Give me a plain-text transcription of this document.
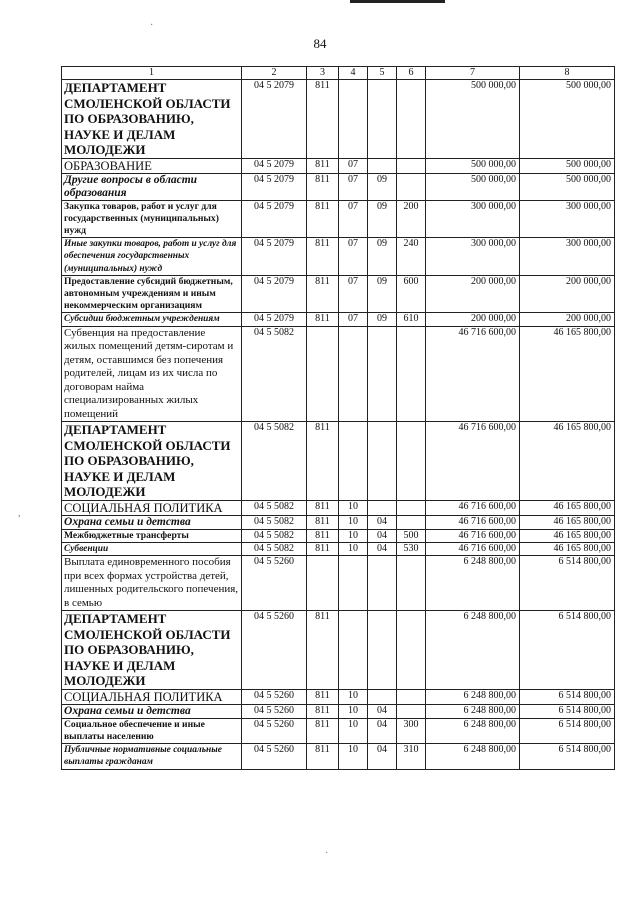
84
·
,
·
1	2	3	4	5	6	7	8
ДЕПАРТАМЕНТ СМОЛЕНСКОЙ ОБЛАСТИ ПО ОБРАЗОВАНИЮ, НАУКЕ И ДЕЛАМ МОЛОДЕЖИ	04 5 2079	811				500 000,00	500 000,00
ОБРАЗОВАНИЕ	04 5 2079	811	07			500 000,00	500 000,00
Другие вопросы в области образования	04 5 2079	811	07	09		500 000,00	500 000,00
Закупка товаров, работ и услуг для государственных (муниципальных) нужд	04 5 2079	811	07	09	200	300 000,00	300 000,00
Иные закупки товаров, работ и услуг для обеспечения государственных (муниципальных) нужд	04 5 2079	811	07	09	240	300 000,00	300 000,00
Предоставление субсидий бюджетным, автономным учреждениям и иным некоммерческим организациям	04 5 2079	811	07	09	600	200 000,00	200 000,00
Субсидии бюджетным учреждениям	04 5 2079	811	07	09	610	200 000,00	200 000,00
Субвенция на предоставление жилых помещений детям-сиротам и детям, оставшимся без попечения родителей, лицам из их числа по договорам найма специализированных жилых помещений	04 5 5082					46 716 600,00	46 165 800,00
ДЕПАРТАМЕНТ СМОЛЕНСКОЙ ОБЛАСТИ ПО ОБРАЗОВАНИЮ, НАУКЕ И ДЕЛАМ МОЛОДЕЖИ	04 5 5082	811				46 716 600,00	46 165 800,00
СОЦИАЛЬНАЯ ПОЛИТИКА	04 5 5082	811	10			46 716 600,00	46 165 800,00
Охрана семьи и детства	04 5 5082	811	10	04		46 716 600,00	46 165 800,00
Межбюджетные трансферты	04 5 5082	811	10	04	500	46 716 600,00	46 165 800,00
Субвенции	04 5 5082	811	10	04	530	46 716 600,00	46 165 800,00
Выплата единовременного пособия при всех формах устройства детей, лишенных родительского попечения, в семью	04 5 5260					6 248 800,00	6 514 800,00
ДЕПАРТАМЕНТ СМОЛЕНСКОЙ ОБЛАСТИ ПО ОБРАЗОВАНИЮ, НАУКЕ И ДЕЛАМ МОЛОДЕЖИ	04 5 5260	811				6 248 800,00	6 514 800,00
СОЦИАЛЬНАЯ ПОЛИТИКА	04 5 5260	811	10			6 248 800,00	6 514 800,00
Охрана семьи и детства	04 5 5260	811	10	04		6 248 800,00	6 514 800,00
Социальное обеспечение и иные выплаты населению	04 5 5260	811	10	04	300	6 248 800,00	6 514 800,00
Публичные нормативные социальные выплаты гражданам	04 5 5260	811	10	04	310	6 248 800,00	6 514 800,00
